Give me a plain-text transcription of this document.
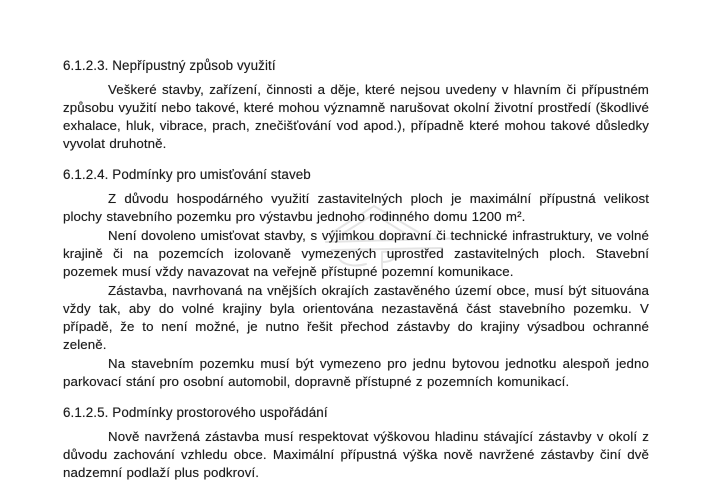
6.1.2.3. Nepřípustný způsob využití

Veškeré stavby, zařízení, činnosti a děje, které nejsou uvedeny v hlavním či přípustném způsobu využití nebo takové, které mohou významně narušovat okolní životní prostředí (škodlivé exhalace, hluk, vibrace, prach, znečišťování vod apod.), případně které mohou takové důsledky vyvolat druhotně.

6.1.2.4. Podmínky pro umisťování staveb

Z důvodu hospodárného využití zastavitelných ploch je maximální přípustná velikost plochy stavebního pozemku pro výstavbu jednoho rodinného domu 1200 m².

Není dovoleno umisťovat stavby, s výjimkou dopravní či technické infrastruktury, ve volné krajině či na pozemcích izolovaně vymezených uprostřed zastavitelných ploch. Stavební pozemek musí vždy navazovat na veřejně přístupné pozemní komunikace.

Zástavba, navrhovaná na vnějších okrajích zastavěného území obce, musí být situována vždy tak, aby do volné krajiny byla orientována nezastavěná část stavebního pozemku. V případě, že to není možné, je nutno řešit přechod zástavby do krajiny výsadbou ochranné zeleně.

Na stavebním pozemku musí být vymezeno pro jednu bytovou jednotku alespoň jedno parkovací stání pro osobní automobil, dopravně přístupné z pozemních komunikací.

6.1.2.5. Podmínky prostorového uspořádání

Nově navržená zástavba musí respektovat výškovou hladinu stávající zástavby v okolí z důvodu zachování vzhledu obce. Maximální přípustná výška nově navržené zástavby činí dvě nadzemní podlaží plus podkroví.
